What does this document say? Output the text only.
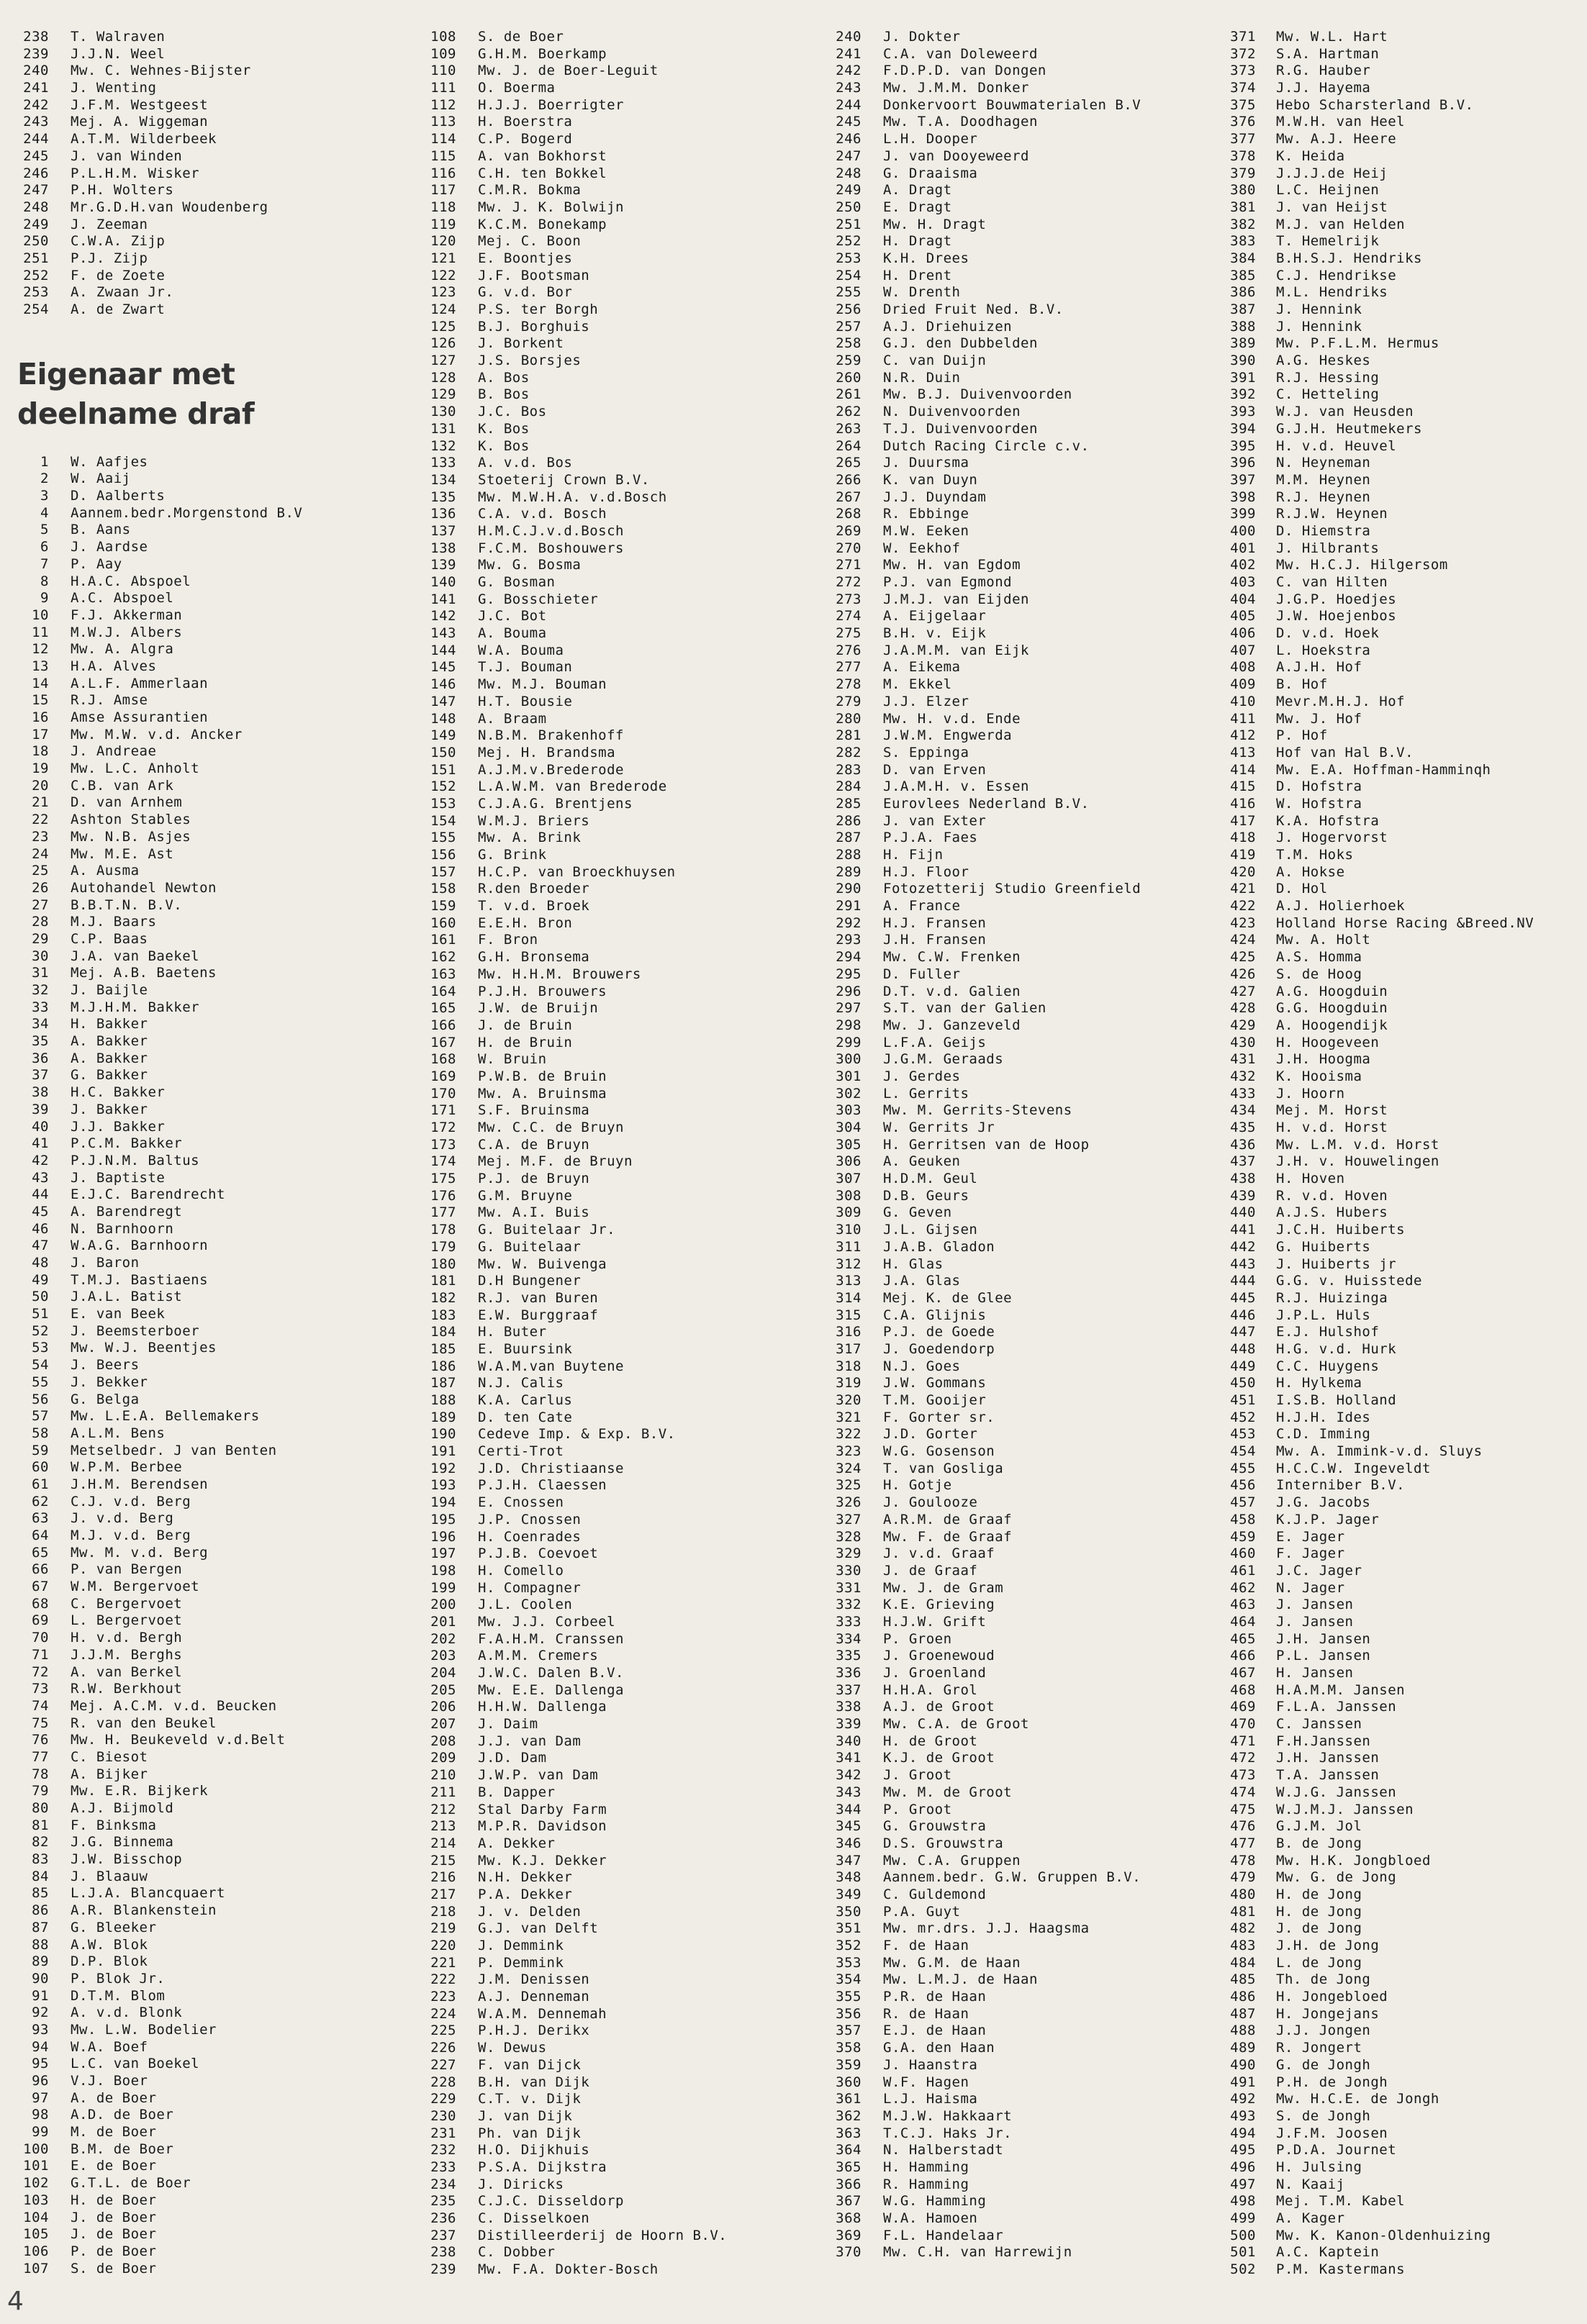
238 T. Walraven
239 J.J.N. Weel
240 Mw. C. Wehnes-Bijster
241 J. Wenting
242 J.F.M. Westgeest
243 Mej. A. Wiggeman
244 A.T.M. Wilderbeek
245 J. van Winden
246 P.L.H.M. Wisker
247 P.H. Wolters
248 Mr.G.D.H.van Woudenberg
249 J. Zeeman
250 C.W.A. Zijp
251 P.J. Zijp
252 F. de Zoete
253 A. Zwaan Jr.
254 A. de Zwart
Eigenaar met
deelname draf
1 W. Aafjes
2 W. Aaij
3 D. Aalberts
4 Aannem.bedr.Morgenstond B.V
5 B. Aans
6 J. Aardse
7 P. Aay
8 H.A.C. Abspoel
9 A.C. Abspoel
10 F.J. Akkerman
11 M.W.J. Albers
12 Mw. A. Algra
13 H.A. Alves
14 A.L.F. Ammerlaan
15 R.J. Amse
16 Amse Assurantien
17 Mw. M.W. v.d. Ancker
18 J. Andreae
19 Mw. L.C. Anholt
20 C.B. van Ark
21 D. van Arnhem
22 Ashton Stables
23 Mw. N.B. Asjes
24 Mw. M.E. Ast
25 A. Ausma
26 Autohandel Newton
27 B.B.T.N. B.V.
28 M.J. Baars
29 C.P. Baas
30 J.A. van Baekel
31 Mej. A.B. Baetens
32 J. Baijle
33 M.J.H.M. Bakker
34 H. Bakker
35 A. Bakker
36 A. Bakker
37 G. Bakker
38 H.C. Bakker
39 J. Bakker
40 J.J. Bakker
41 P.C.M. Bakker
42 P.J.N.M. Baltus
43 J. Baptiste
44 E.J.C. Barendrecht
45 A. Barendregt
46 N. Barnhoorn
47 W.A.G. Barnhoorn
48 J. Baron
49 T.M.J. Bastiaens
50 J.A.L. Batist
51 E. van Beek
52 J. Beemsterboer
53 Mw. W.J. Beentjes
54 J. Beers
55 J. Bekker
56 G. Belga
57 Mw. L.E.A. Bellemakers
58 A.L.M. Bens
59 Metselbedr. J van Benten
60 W.P.M. Berbee
61 J.H.M. Berendsen
62 C.J. v.d. Berg
63 J. v.d. Berg
64 M.J. v.d. Berg
65 Mw. M. v.d. Berg
66 P. van Bergen
67 W.M. Bergervoet
68 C. Bergervoet
69 L. Bergervoet
70 H. v.d. Bergh
71 J.J.M. Berghs
72 A. van Berkel
73 R.W. Berkhout
74 Mej. A.C.M. v.d. Beucken
75 R. van den Beukel
76 Mw. H. Beukeveld v.d.Belt
77 C. Biesot
78 A. Bijker
79 Mw. E.R. Bijkerk
80 A.J. Bijmold
81 F. Binksma
82 J.G. Binnema
83 J.W. Bisschop
84 J. Blaauw
85 L.J.A. Blancquaert
86 A.R. Blankenstein
87 G. Bleeker
88 A.W. Blok
89 D.P. Blok
90 P. Blok Jr.
91 D.T.M. Blom
92 A. v.d. Blonk
93 Mw. L.W. Bodelier
94 W.A. Boef
95 L.C. van Boekel
96 V.J. Boer
97 A. de Boer
98 A.D. de Boer
99 M. de Boer
100 B.M. de Boer
101 E. de Boer
102 G.T.L. de Boer
103 H. de Boer
104 J. de Boer
105 J. de Boer
106 P. de Boer
107 S. de Boer
108 S. de Boer
109 G.H.M. Boerkamp
110 Mw. J. de Boer-Leguit
111 O. Boerma
112 H.J.J. Boerrigter
113 H. Boerstra
114 C.P. Bogerd
115 A. van Bokhorst
116 C.H. ten Bokkel
117 C.M.R. Bokma
118 Mw. J. K. Bolwijn
119 K.C.M. Bonekamp
120 Mej. C. Boon
121 E. Boontjes
122 J.F. Bootsman
123 G. v.d. Bor
124 P.S. ter Borgh
125 B.J. Borghuis
126 J. Borkent
127 J.S. Borsjes
128 A. Bos
129 B. Bos
130 J.C. Bos
131 K. Bos
132 K. Bos
133 A. v.d. Bos
134 Stoeterij Crown B.V.
135 Mw. M.W.H.A. v.d.Bosch
136 C.A. v.d. Bosch
137 H.M.C.J.v.d.Bosch
138 F.C.M. Boshouwers
139 Mw. G. Bosma
140 G. Bosman
141 G. Bosschieter
142 J.C. Bot
143 A. Bouma
144 W.A. Bouma
145 T.J. Bouman
146 Mw. M.J. Bouman
147 H.T. Bousie
148 A. Braam
149 N.B.M. Brakenhoff
150 Mej. H. Brandsma
151 A.J.M.v.Brederode
152 L.A.W.M. van Brederode
153 C.J.A.G. Brentjens
154 W.M.J. Briers
155 Mw. A. Brink
156 G. Brink
157 H.C.P. van Broeckhuysen
158 R.den Broeder
159 T. v.d. Broek
160 E.E.H. Bron
161 F. Bron
162 G.H. Bronsema
163 Mw. H.H.M. Brouwers
164 P.J.H. Brouwers
165 J.W. de Bruijn
166 J. de Bruin
167 H. de Bruin
168 W. Bruin
169 P.W.B. de Bruin
170 Mw. A. Bruinsma
171 S.F. Bruinsma
172 Mw. C.C. de Bruyn
173 C.A. de Bruyn
174 Mej. M.F. de Bruyn
175 P.J. de Bruyn
176 G.M. Bruyne
177 Mw. A.I. Buis
178 G. Buitelaar Jr.
179 G. Buitelaar
180 Mw. W. Buivenga
181 D.H Bungener
182 R.J. van Buren
183 E.W. Burggraaf
184 H. Buter
185 E. Buursink
186 W.A.M.van Buytene
187 N.J. Calis
188 K.A. Carlus
189 D. ten Cate
190 Cedeve Imp. & Exp. B.V.
191 Certi-Trot
192 J.D. Christiaanse
193 P.J.H. Claessen
194 E. Cnossen
195 J.P. Cnossen
196 H. Coenrades
197 P.J.B. Coevoet
198 H. Comello
199 H. Compagner
200 J.L. Coolen
201 Mw. J.J. Corbeel
202 F.A.H.M. Cranssen
203 A.M.M. Cremers
204 J.W.C. Dalen B.V.
205 Mw. E.E. Dallenga
206 H.H.W. Dallenga
207 J. Daim
208 J.J. van Dam
209 J.D. Dam
210 J.W.P. van Dam
211 B. Dapper
212 Stal Darby Farm
213 M.P.R. Davidson
214 A. Dekker
215 Mw. K.J. Dekker
216 N.H. Dekker
217 P.A. Dekker
218 J. v. Delden
219 G.J. van Delft
220 J. Demmink
221 P. Demmink
222 J.M. Denissen
223 A.J. Denneman
224 W.A.M. Dennemah
225 P.H.J. Derikx
226 W. Dewus
227 F. van Dijck
228 B.H. van Dijk
229 C.T. v. Dijk
230 J. van Dijk
231 Ph. van Dijk
232 H.O. Dijkhuis
233 P.S.A. Dijkstra
234 J. Diricks
235 C.J.C. Disseldorp
236 C. Disselkoen
237 Distilleerderij de Hoorn B.V.
238 C. Dobber
239 Mw. F.A. Dokter-Bosch
240 J. Dokter
241 C.A. van Doleweerd
242 F.D.P.D. van Dongen
243 Mw. J.M.M. Donker
244 Donkervoort Bouwmaterialen B.V
245 Mw. T.A. Doodhagen
246 L.H. Dooper
247 J. van Dooyeweerd
248 G. Draaisma
249 A. Dragt
250 E. Dragt
251 Mw. H. Dragt
252 H. Dragt
253 K.H. Drees
254 H. Drent
255 W. Drenth
256 Dried Fruit Ned. B.V.
257 A.J. Driehuizen
258 G.J. den Dubbelden
259 C. van Duijn
260 N.R. Duin
261 Mw. B.J. Duivenvoorden
262 N. Duivenvoorden
263 T.J. Duivenvoorden
264 Dutch Racing Circle c.v.
265 J. Duursma
266 K. van Duyn
267 J.J. Duyndam
268 R. Ebbinge
269 M.W. Eeken
270 W. Eekhof
271 Mw. H. van Egdom
272 P.J. van Egmond
273 J.M.J. van Eijden
274 A. Eijgelaar
275 B.H. v. Eijk
276 J.A.M.M. van Eijk
277 A. Eikema
278 M. Ekkel
279 J.J. Elzer
280 Mw. H. v.d. Ende
281 J.W.M. Engwerda
282 S. Eppinga
283 D. van Erven
284 J.A.M.H. v. Essen
285 Eurovlees Nederland B.V.
286 J. van Exter
287 P.J.A. Faes
288 H. Fijn
289 H.J. Floor
290 Fotozetterij Studio Greenfield
291 A. France
292 H.J. Fransen
293 J.H. Fransen
294 Mw. C.W. Frenken
295 D. Fuller
296 D.T. v.d. Galien
297 S.T. van der Galien
298 Mw. J. Ganzeveld
299 L.F.A. Geijs
300 J.G.M. Geraads
301 J. Gerdes
302 L. Gerrits
303 Mw. M. Gerrits-Stevens
304 W. Gerrits Jr
305 H. Gerritsen van de Hoop
306 A. Geuken
307 H.D.M. Geul
308 D.B. Geurs
309 G. Geven
310 J.L. Gijsen
311 J.A.B. Gladon
312 H. Glas
313 J.A. Glas
314 Mej. K. de Glee
315 C.A. Glijnis
316 P.J. de Goede
317 J. Goedendorp
318 N.J. Goes
319 J.W. Gommans
320 T.M. Gooijer
321 F. Gorter sr.
322 J.D. Gorter
323 W.G. Gosenson
324 T. van Gosliga
325 H. Gotje
326 J. Goulooze
327 A.R.M. de Graaf
328 Mw. F. de Graaf
329 J. v.d. Graaf
330 J. de Graaf
331 Mw. J. de Gram
332 K.E. Grieving
333 H.J.W. Grift
334 P. Groen
335 J. Groenewoud
336 J. Groenland
337 H.H.A. Grol
338 A.J. de Groot
339 Mw. C.A. de Groot
340 H. de Groot
341 K.J. de Groot
342 J. Groot
343 Mw. M. de Groot
344 P. Groot
345 G. Grouwstra
346 D.S. Grouwstra
347 Mw. C.A. Gruppen
348 Aannem.bedr. G.W. Gruppen B.V.
349 C. Guldemond
350 P.A. Guyt
351 Mw. mr.drs. J.J. Haagsma
352 F. de Haan
353 Mw. G.M. de Haan
354 Mw. L.M.J. de Haan
355 P.R. de Haan
356 R. de Haan
357 E.J. de Haan
358 G.A. den Haan
359 J. Haanstra
360 W.F. Hagen
361 L.J. Haisma
362 M.J.W. Hakkaart
363 T.C.J. Haks Jr.
364 N. Halberstadt
365 H. Hamming
366 R. Hamming
367 W.G. Hamming
368 W.A. Hamoen
369 F.L. Handelaar
370 Mw. C.H. van Harrewijn
371 Mw. W.L. Hart
372 S.A. Hartman
373 R.G. Hauber
374 J.J. Hayema
375 Hebo Scharsterland B.V.
376 M.W.H. van Heel
377 Mw. A.J. Heere
378 K. Heida
379 J.J.J.de Heij
380 L.C. Heijnen
381 J. van Heijst
382 M.J. van Helden
383 T. Hemelrijk
384 B.H.S.J. Hendriks
385 C.J. Hendrikse
386 M.L. Hendriks
387 J. Hennink
388 J. Hennink
389 Mw. P.F.L.M. Hermus
390 A.G. Heskes
391 R.J. Hessing
392 C. Hetteling
393 W.J. van Heusden
394 G.J.H. Heutmekers
395 H. v.d. Heuvel
396 N. Heyneman
397 M.M. Heynen
398 R.J. Heynen
399 R.J.W. Heynen
400 D. Hiemstra
401 J. Hilbrants
402 Mw. H.C.J. Hilgersom
403 C. van Hilten
404 J.G.P. Hoedjes
405 J.W. Hoejenbos
406 D. v.d. Hoek
407 L. Hoekstra
408 A.J.H. Hof
409 B. Hof
410 Mevr.M.H.J. Hof
411 Mw. J. Hof
412 P. Hof
413 Hof van Hal B.V.
414 Mw. E.A. Hoffman-Hamminqh
415 D. Hofstra
416 W. Hofstra
417 K.A. Hofstra
418 J. Hogervorst
419 T.M. Hoks
420 A. Hokse
421 D. Hol
422 A.J. Holierhoek
423 Holland Horse Racing &Breed.NV
424 Mw. A. Holt
425 A.S. Homma
426 S. de Hoog
427 A.G. Hoogduin
428 G.G. Hoogduin
429 A. Hoogendijk
430 H. Hoogeveen
431 J.H. Hoogma
432 K. Hooisma
433 J. Hoorn
434 Mej. M. Horst
435 H. v.d. Horst
436 Mw. L.M. v.d. Horst
437 J.H. v. Houwelingen
438 H. Hoven
439 R. v.d. Hoven
440 A.J.S. Hubers
441 J.C.H. Huiberts
442 G. Huiberts
443 J. Huiberts jr
444 G.G. v. Huisstede
445 R.J. Huizinga
446 J.P.L. Huls
447 E.J. Hulshof
448 H.G. v.d. Hurk
449 C.C. Huygens
450 H. Hylkema
451 I.S.B. Holland
452 H.J.H. Ides
453 C.D. Imming
454 Mw. A. Immink-v.d. Sluys
455 H.C.C.W. Ingeveldt
456 Interniber B.V.
457 J.G. Jacobs
458 K.J.P. Jager
459 E. Jager
460 F. Jager
461 J.C. Jager
462 N. Jager
463 J. Jansen
464 J. Jansen
465 J.H. Jansen
466 P.L. Jansen
467 H. Jansen
468 H.A.M.M. Jansen
469 F.L.A. Janssen
470 C. Janssen
471 F.H.Janssen
472 J.H. Janssen
473 T.A. Janssen
474 W.J.G. Janssen
475 W.J.M.J. Janssen
476 G.J.M. Jol
477 B. de Jong
478 Mw. H.K. Jongbloed
479 Mw. G. de Jong
480 H. de Jong
481 H. de Jong
482 J. de Jong
483 J.H. de Jong
484 L. de Jong
485 Th. de Jong
486 H. Jongebloed
487 H. Jongejans
488 J.J. Jongen
489 R. Jongert
490 G. de Jongh
491 P.H. de Jongh
492 Mw. H.C.E. de Jongh
493 S. de Jongh
494 J.F.M. Joosen
495 P.D.A. Journet
496 H. Julsing
497 N. Kaaij
498 Mej. T.M. Kabel
499 A. Kager
500 Mw. K. Kanon-Oldenhuizing
501 A.C. Kaptein
502 P.M. Kastermans
4
